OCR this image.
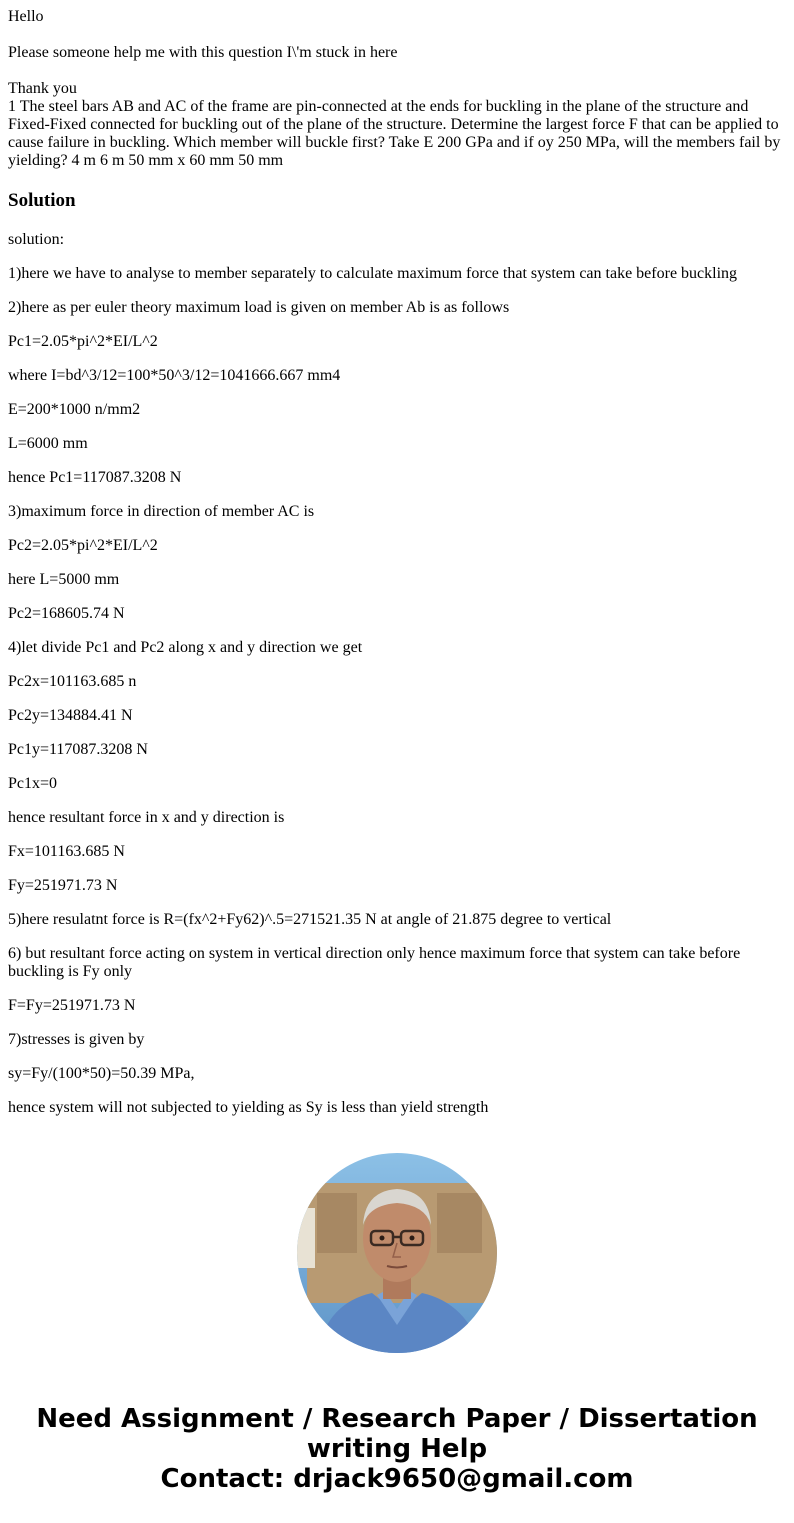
Hello
Please someone help me with this question I\'m stuck in here
Thank you
1 The steel bars AB and AC of the frame are pin-connected at the ends for buckling in the plane of the structure and Fixed-Fixed connected for buckling out of the plane of the structure. Determine the largest force F that can be applied to cause failure in buckling. Which member will buckle first? Take E 200 GPa and if oy 250 MPa, will the members fail by yielding? 4 m 6 m 50 mm x 60 mm 50 mm
Solution

solution:

1)here we have to analyse to member separately to calculate maximum force that system can take before buckling

2)here as per euler theory maximum load is given on member Ab is as follows

Pc1=2.05*pi^2*EI/L^2

where I=bd^3/12=100*50^3/12=1041666.667 mm4

E=200*1000 n/mm2

L=6000 mm

hence Pc1=117087.3208 N

3)maximum force in direction of member AC is

Pc2=2.05*pi^2*EI/L^2

here L=5000 mm

Pc2=168605.74 N

4)let divide Pc1 and Pc2 along x and y direction we get

Pc2x=101163.685 n

Pc2y=134884.41 N

Pc1y=117087.3208 N

Pc1x=0

hence resultant force in x and y direction is

Fx=101163.685 N

Fy=251971.73 N

5)here resulatnt force is R=(fx^2+Fy62)^.5=271521.35 N at angle of 21.875 degree to vertical

6) but resultant force acting on system in vertical direction only hence maximum force that system can take before buckling is Fy only

F=Fy=251971.73 N

7)stresses is given by

sy=Fy/(100*50)=50.39 MPa,

hence system will not subjected to yielding as Sy is less than yield strength

Need Assignment / Research Paper / Dissertation
writing Help
Contact: drjack9650@gmail.com
